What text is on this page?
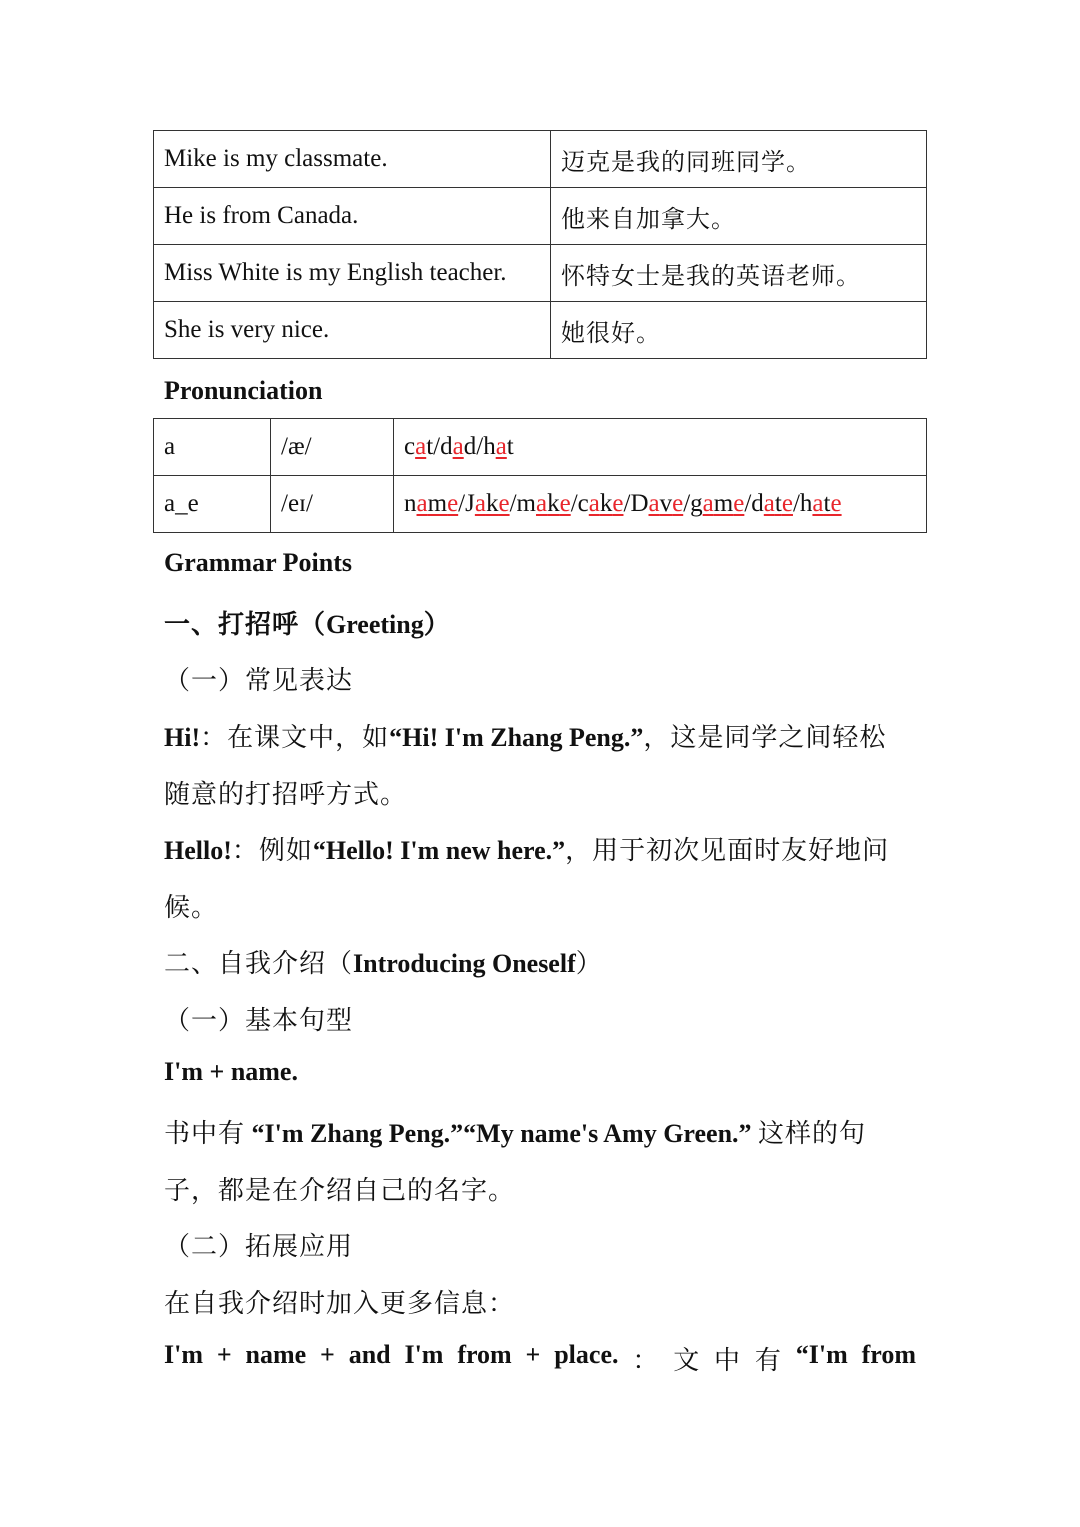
Mike is my classmate.	迈克是我的同班同学。
He is from Canada.	他来自加拿大。
Miss White is my English teacher.	怀特女士是我的英语老师。
She is very nice.	她很好。
Pronunciation
a	/æ/	cat/dad/hat
a_e	/eɪ/	name/Jake/make/cake/Dave/game/date/hate
Grammar Points
一、打招呼（Greeting）
（一）常见表达
Hi!：在课文中，如“Hi! I'm Zhang Peng.”，这是同学之间轻松
随意的打招呼方式。
Hello!：例如“Hello! I'm new here.”，用于初次见面时友好地问
候。
二、自我介绍（Introducing Oneself）
（一）基本句型
I'm + name.
书中有 “I'm Zhang Peng.”“My name's Amy Green.” 这样的句
子，都是在介绍自己的名字。
（二）拓展应用
在自我介绍时加入更多信息：
I'm + name + and I'm from + place. ： 文 中 有 “I'm from
